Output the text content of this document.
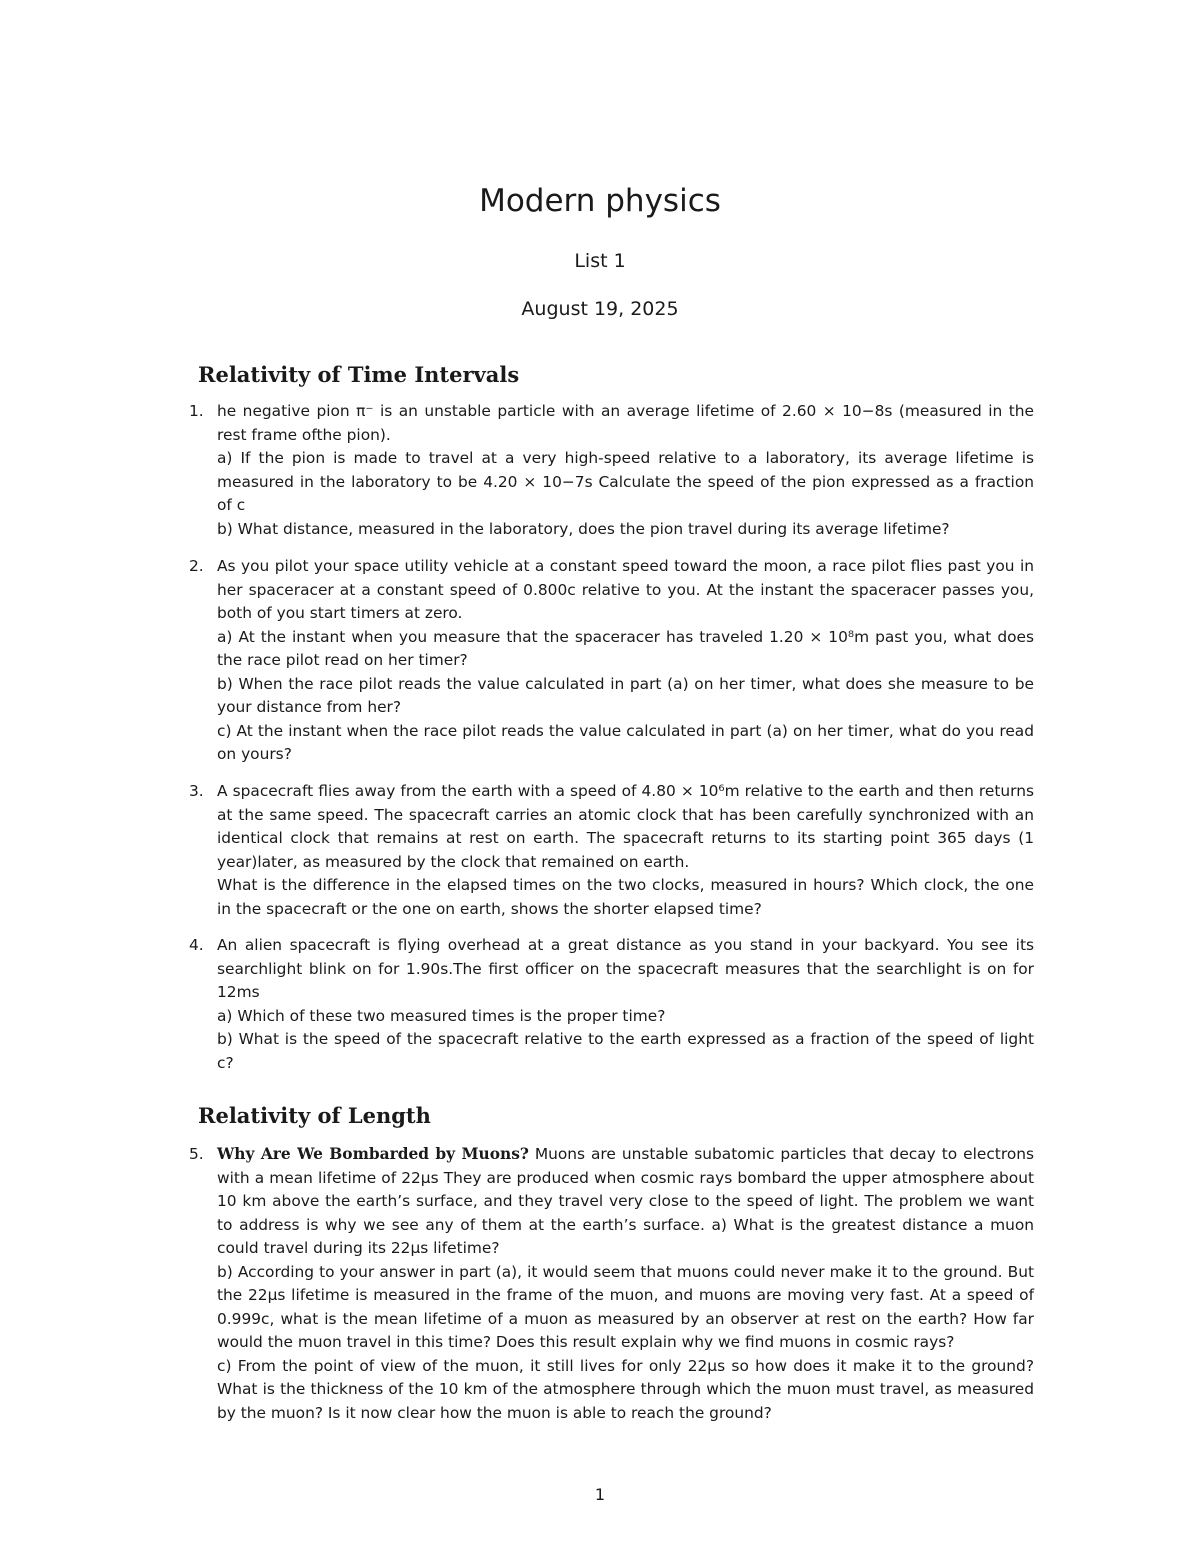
Modern physics
List 1
August 19, 2025
Relativity of Time Intervals
1. he negative pion π⁻ is an unstable particle with an average lifetime of 2.60 × 10−8s (measured in the rest frame ofthe pion).

a) If the pion is made to travel at a very high-speed relative to a laboratory, its average lifetime is measured in the laboratory to be 4.20 × 10−7s Calculate the speed of the pion expressed as a fraction of c

b) What distance, measured in the laboratory, does the pion travel during its average lifetime?

2. As you pilot your space utility vehicle at a constant speed toward the moon, a race pilot flies past you in her spaceracer at a constant speed of 0.800c relative to you. At the instant the spaceracer passes you, both of you start timers at zero.

a) At the instant when you measure that the spaceracer has traveled 1.20 × 10⁸m past you, what does the race pilot read on her timer?

b) When the race pilot reads the value calculated in part (a) on her timer, what does she measure to be your distance from her?

c) At the instant when the race pilot reads the value calculated in part (a) on her timer, what do you read on yours?

3. A spacecraft flies away from the earth with a speed of 4.80 × 10⁶m relative to the earth and then returns at the same speed. The spacecraft carries an atomic clock that has been carefully synchronized with an identical clock that remains at rest on earth. The spacecraft returns to its starting point 365 days (1 year)later, as measured by the clock that remained on earth.

What is the difference in the elapsed times on the two clocks, measured in hours? Which clock, the one in the spacecraft or the one on earth, shows the shorter elapsed time?

4. An alien spacecraft is flying overhead at a great distance as you stand in your backyard. You see its searchlight blink on for 1.90s.The first officer on the spacecraft measures that the searchlight is on for 12ms

a) Which of these two measured times is the proper time?

b) What is the speed of the spacecraft relative to the earth expressed as a fraction of the speed of light c?

Relativity of Length
5. Why Are We Bombarded by Muons? Muons are unstable subatomic particles that decay to electrons with a mean lifetime of 22μs They are produced when cosmic rays bombard the upper atmosphere about 10 km above the earth’s surface, and they travel very close to the speed of light. The problem we want to address is why we see any of them at the earth’s surface. a) What is the greatest distance a muon could travel during its 22μs lifetime?

b) According to your answer in part (a), it would seem that muons could never make it to the ground. But the 22μs lifetime is measured in the frame of the muon, and muons are moving very fast. At a speed of 0.999c, what is the mean lifetime of a muon as measured by an observer at rest on the earth? How far would the muon travel in this time? Does this result explain why we find muons in cosmic rays?

c) From the point of view of the muon, it still lives for only 22μs so how does it make it to the ground? What is the thickness of the 10 km of the atmosphere through which the muon must travel, as measured by the muon? Is it now clear how the muon is able to reach the ground?

1
